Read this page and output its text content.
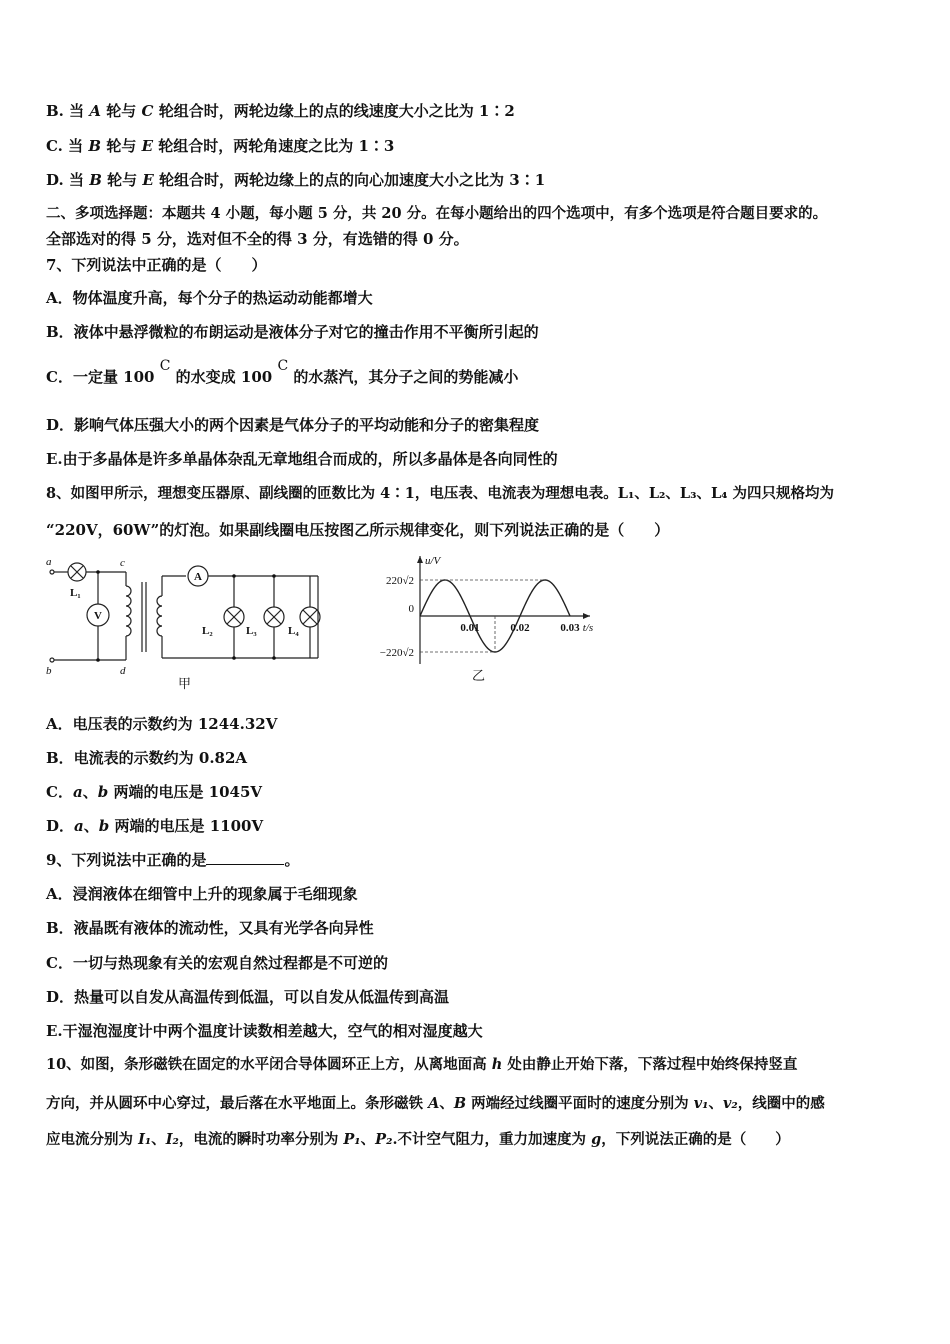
B. 当 A 轮与 C 轮组合时，两轮边缘上的点的线速度大小之比为 1∶2
C. 当 B 轮与 E 轮组合时，两轮角速度之比为 1∶3
D. 当 B 轮与 E 轮组合时，两轮边缘上的点的向心加速度大小之比为 3∶1
二、多项选择题：本题共 4 小题，每小题 5 分，共 20 分。在每小题给出的四个选项中，有多个选项是符合题目要求的。
全部选对的得 5 分，选对但不全的得 3 分，有选错的得 0 分。
7、下列说法中正确的是（　　）
A．物体温度升高，每个分子的热运动动能都增大
B．液体中悬浮微粒的布朗运动是液体分子对它的撞击作用不平衡所引起的
C．一定量 100 C 的水变成 100 C 的水蒸汽，其分子之间的势能减小
D．影响气体压强大小的两个因素是气体分子的平均动能和分子的密集程度
E.由于多晶体是许多单晶体杂乱无章地组合而成的，所以多晶体是各向同性的
8、如图甲所示，理想变压器原、副线圈的匝数比为 4∶1，电压表、电流表为理想电表。L₁、L₂、L₃、L₄ 为四只规格均为
“220V，60W”的灯泡。如果副线圈电压按图乙所示规律变化，则下列说法正确的是（　　）
a
b
c
d
L₁
V
A
L₂	L₃	L₄
甲
220√2
0
−220√2
0.01	0.02	0.03
u/V
t/s
乙
A．电压表的示数约为 1244.32V
B．电流表的示数约为 0.82A
C．a、b 两端的电压是 1045V
D．a、b 两端的电压是 1100V
9、下列说法中正确的是	。
A．浸润液体在细管中上升的现象属于毛细现象
B．液晶既有液体的流动性，又具有光学各向异性
C．一切与热现象有关的宏观自然过程都是不可逆的
D．热量可以自发从高温传到低温，可以自发从低温传到高温
E.干湿泡湿度计中两个温度计读数相差越大，空气的相对湿度越大
10、如图，条形磁铁在固定的水平闭合导体圆环正上方，从离地面高 h 处由静止开始下落，下落过程中始终保持竖直
方向，并从圆环中心穿过，最后落在水平地面上。条形磁铁 A、B 两端经过线圈平面时的速度分别为 v₁、v₂，线圈中的感
应电流分别为 I₁、I₂，电流的瞬时功率分别为 P₁、P₂.不计空气阻力，重力加速度为 g，下列说法正确的是（　　）
